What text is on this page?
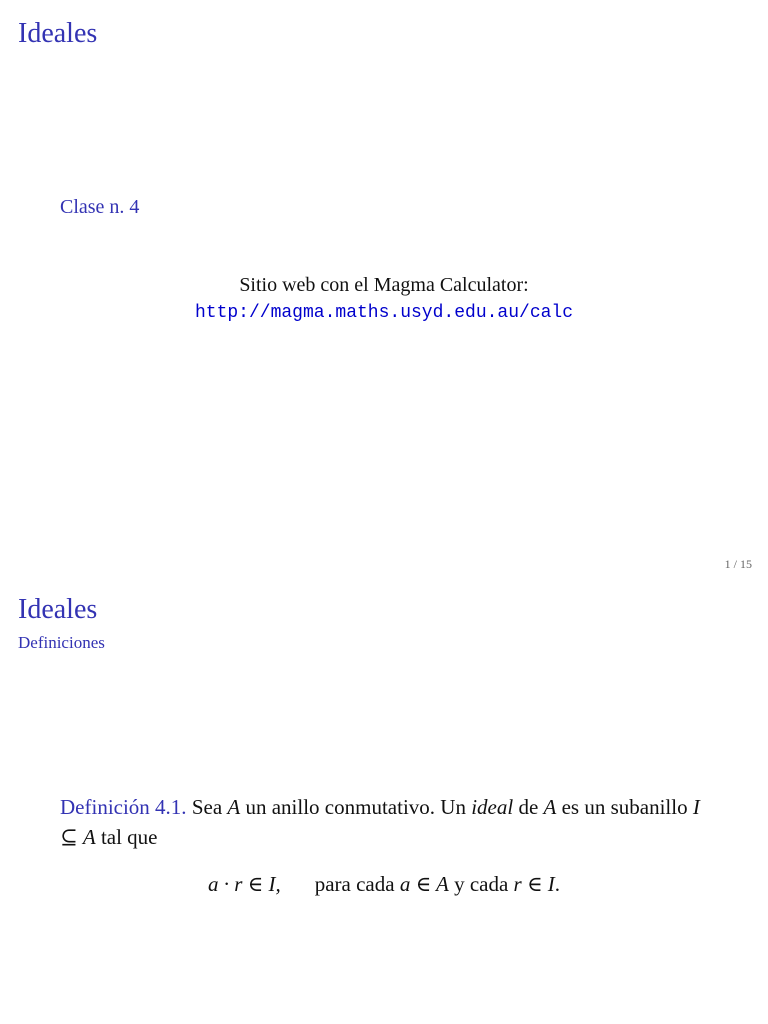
Ideales
Clase n. 4
Sitio web con el Magma Calculator:
http://magma.maths.usyd.edu.au/calc
1 / 15
Ideales
Definiciones
Definición 4.1. Sea A un anillo conmutativo. Un ideal de A es un subanillo I ⊆ A tal que
a · r ∈ I, para cada a ∈ A y cada r ∈ I.
